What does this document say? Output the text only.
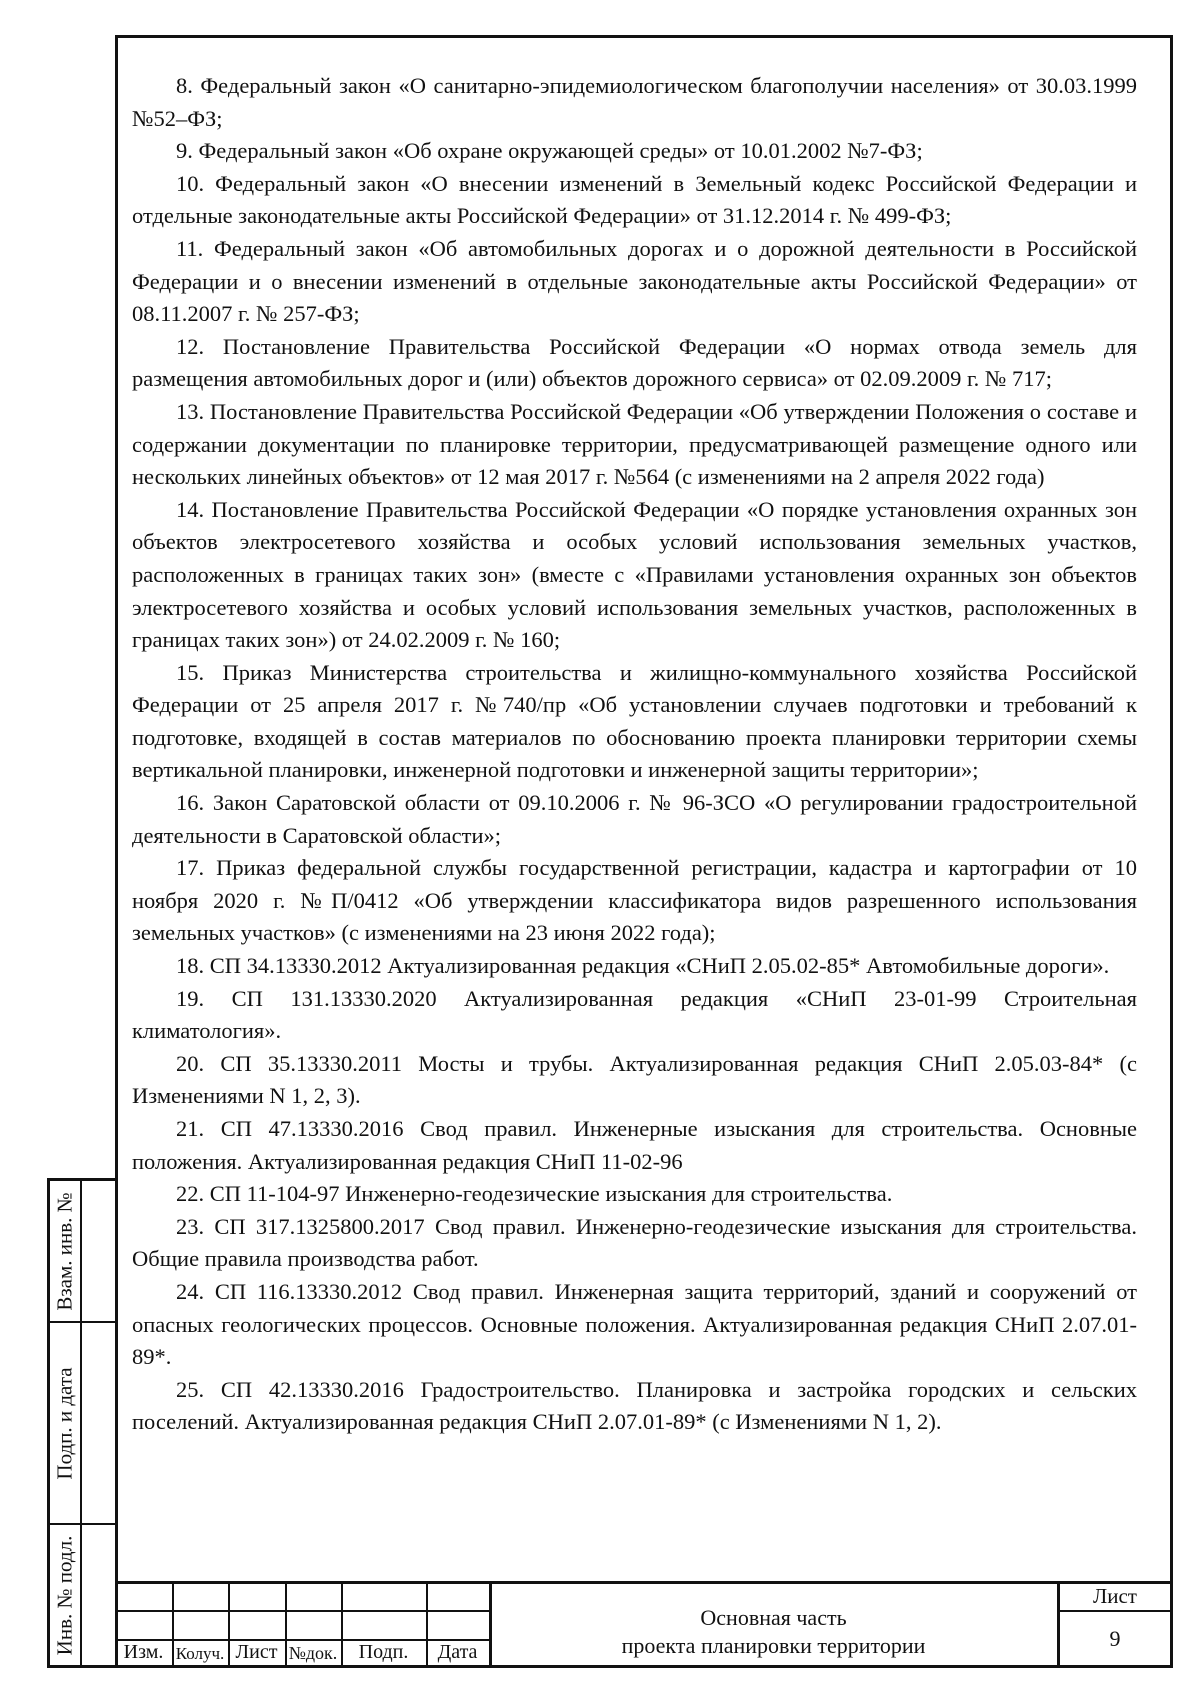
8. Федеральный закон «О санитарно-эпидемиологическом благополучии населения» от 30.03.1999 №52–ФЗ;

9. Федеральный закон «Об охране окружающей среды» от 10.01.2002 №7-ФЗ;

10. Федеральный закон «О внесении изменений в Земельный кодекс Российской Федерации и отдельные законодательные акты Российской Федерации» от 31.12.2014 г. № 499-ФЗ;

11. Федеральный закон «Об автомобильных дорогах и о дорожной деятельности в Российской Федерации и о внесении изменений в отдельные законодательные акты Российской Федерации» от 08.11.2007 г. № 257-ФЗ;

12. Постановление Правительства Российской Федерации «О нормах отвода земель для размещения автомобильных дорог и (или) объектов дорожного сервиса» от 02.09.2009 г. № 717;

13. Постановление Правительства Российской Федерации «Об утверждении Положения о составе и содержании документации по планировке территории, предусматривающей размещение одного или нескольких линейных объектов» от 12 мая 2017 г. №564 (с изменениями на 2 апреля 2022 года)

14. Постановление Правительства Российской Федерации «О порядке установления охранных зон объектов электросетевого хозяйства и особых условий использования земельных участков, расположенных в границах таких зон» (вместе с «Правилами установления охранных зон объектов электросетевого хозяйства и особых условий использования земельных участков, расположенных в границах таких зон») от 24.02.2009 г. № 160;

15. Приказ Министерства строительства и жилищно-коммунального хозяйства Российской Федерации от 25 апреля 2017 г. №740/пр «Об установлении случаев подготовки и требований к подготовке, входящей в состав материалов по обоснованию проекта планировки территории схемы вертикальной планировки, инженерной подготовки и инженерной защиты территории»;

16. Закон Саратовской области от 09.10.2006 г. № 96-ЗСО «О регулировании градостроительной деятельности в Саратовской области»;

17. Приказ федеральной службы государственной регистрации, кадастра и картографии от 10 ноября 2020 г. №П/0412 «Об утверждении классификатора видов разрешенного использования земельных участков» (с изменениями на 23 июня 2022 года);

18. СП 34.13330.2012 Актуализированная редакция «СНиП 2.05.02-85* Автомобильные дороги».

19. СП 131.13330.2020 Актуализированная редакция «СНиП 23-01-99 Строительная климатология».

20. СП 35.13330.2011 Мосты и трубы. Актуализированная редакция СНиП 2.05.03-84* (с Изменениями N 1, 2, 3).

21. СП 47.13330.2016 Свод правил. Инженерные изыскания для строительства. Основные положения. Актуализированная редакция СНиП 11-02-96

22. СП 11-104-97 Инженерно-геодезические изыскания для строительства.

23. СП 317.1325800.2017 Свод правил. Инженерно-геодезические изыскания для строительства. Общие правила производства работ.

24. СП 116.13330.2012 Свод правил. Инженерная защита территорий, зданий и сооружений от опасных геологических процессов. Основные положения. Актуализированная редакция СНиП 2.07.01-89*.

25. СП 42.13330.2016 Градостроительство. Планировка и застройка городских и сельских поселений. Актуализированная редакция СНиП 2.07.01-89* (с Изменениями N 1, 2).

Взам. инв. №
Подп. и дата
Инв. № подл.	Изм. Колуч. Лист №док.	Подп.	Дата
Основная часть
проекта планировки территории
Лист
9
